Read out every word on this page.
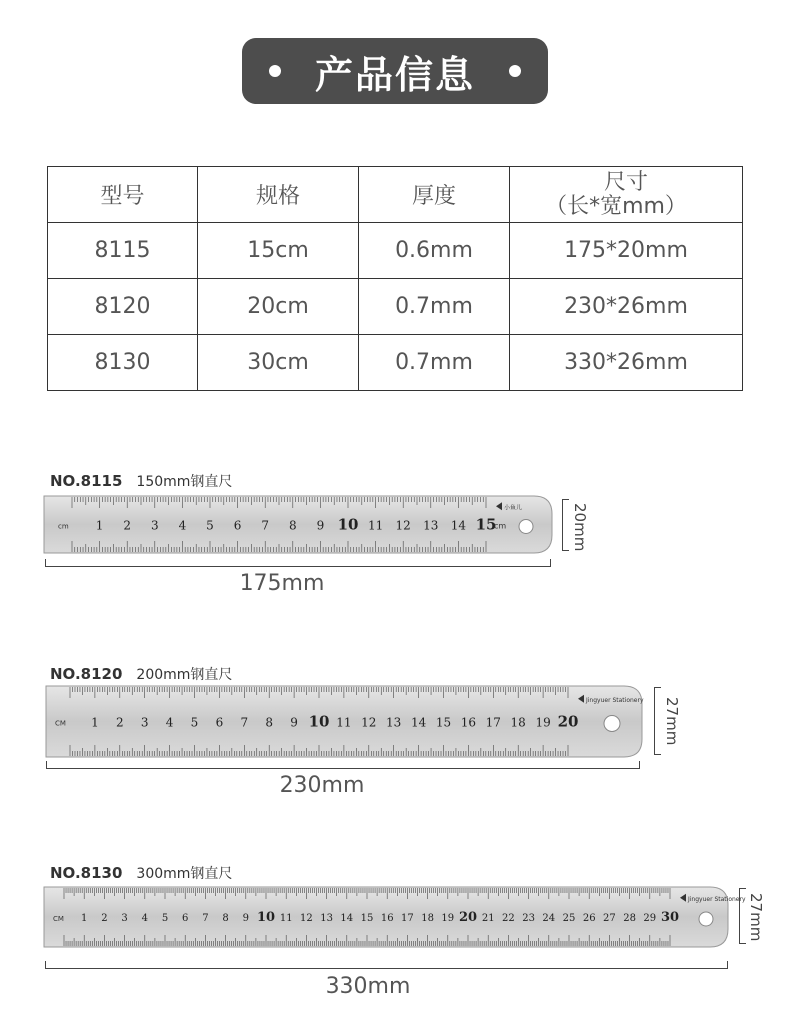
产品信息
型号	规格	厚度	尺寸
（长*宽mm）

8115	15cm	0.6mm	175*20mm
8120	20cm	0.7mm	230*26mm
8130	30cm	0.7mm	330*26mm
NO.8115 150mm钢直尺
1 2 3 4 5 6 7 8 9 10 11 12 13 14 15
cm	cm
小鱼儿
175mm
20mm
NO.8120 200mm钢直尺
1 2 3 4 5 6 7 8 9 10 11 12 13 14 15 16 17 18 19 20
CM
Jingyuer Stationery
230mm
27mm
NO.8130 300mm钢直尺
1 2 3 4 5 6 7 8 9 10 11 12 13 14 15 16 17 18 19 20 21 22 23 24 25 26 27 28 29 30
CM
Jingyuer Stationery
330mm
27mm
